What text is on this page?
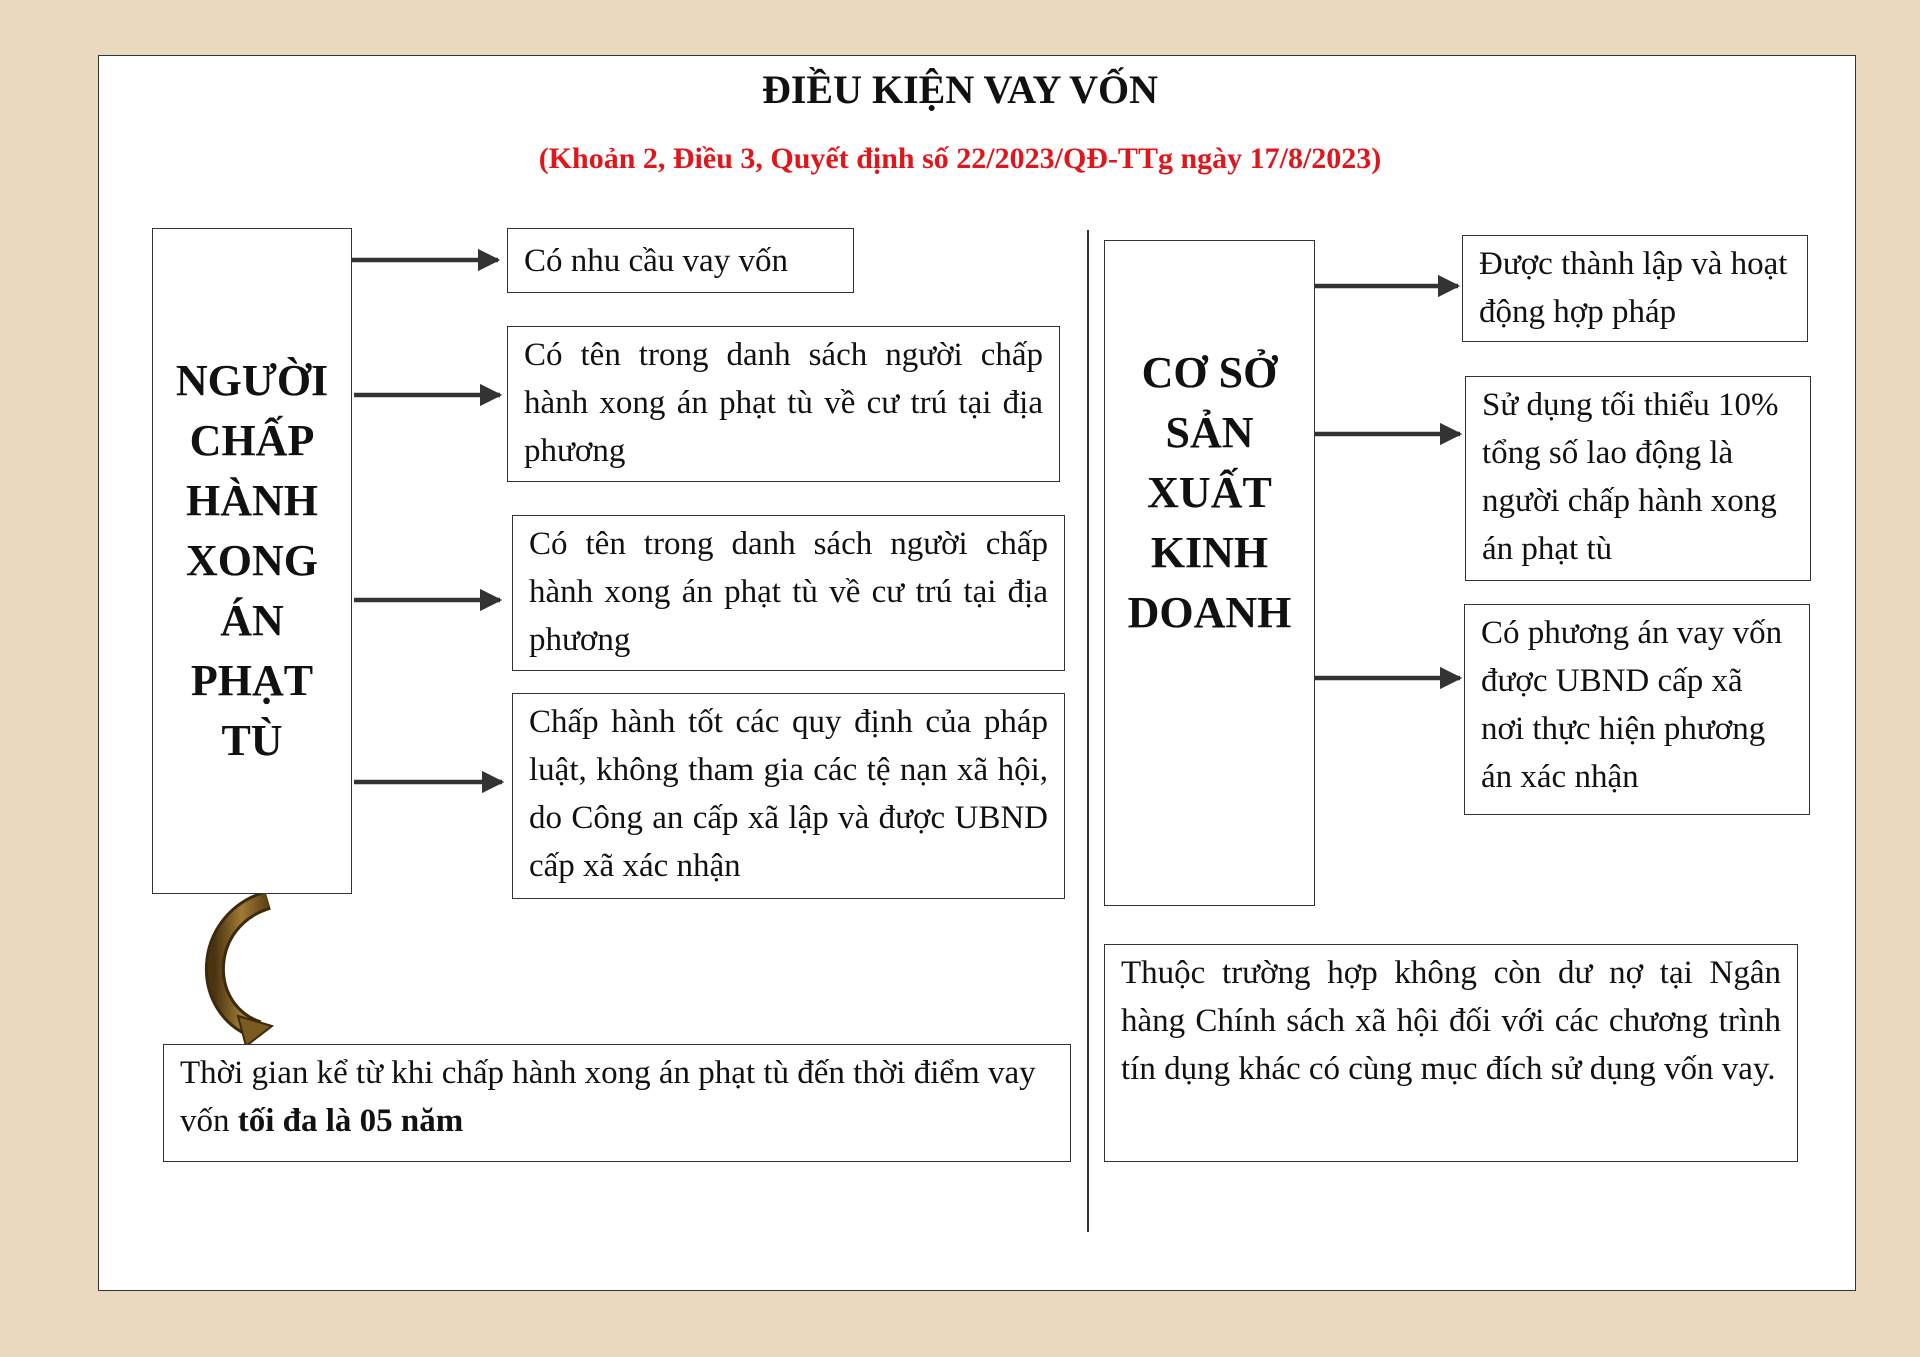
ĐIỀU KIỆN VAY VỐN
(Khoản 2, Điều 3, Quyết định số 22/2023/QĐ-TTg ngày 17/8/2023)
NGƯỜI CHẤP HÀNH XONG ÁN PHẠT TÙ
Có nhu cầu vay vốn
Có tên trong danh sách người chấp hành xong án phạt tù về cư trú tại địa phương
Có tên trong danh sách người chấp hành xong án phạt tù về cư trú tại địa phương
Chấp hành tốt các quy định của pháp luật, không tham gia các tệ nạn xã hội, do Công an cấp xã lập và được UBND cấp xã xác nhận
Thời gian kể từ khi chấp hành xong án phạt tù đến thời điểm vay vốn tối đa là 05 năm
CƠ SỞ SẢN XUẤT KINH DOANH
Được thành lập và hoạt động hợp pháp
Sử dụng tối thiểu 10% tổng số lao động là người chấp hành xong án phạt tù
Có phương án vay vốn được UBND cấp xã nơi thực hiện phương án xác nhận
Thuộc trường hợp không còn dư nợ tại Ngân hàng Chính sách xã hội đối với các chương trình tín dụng khác có cùng mục đích sử dụng vốn vay.
